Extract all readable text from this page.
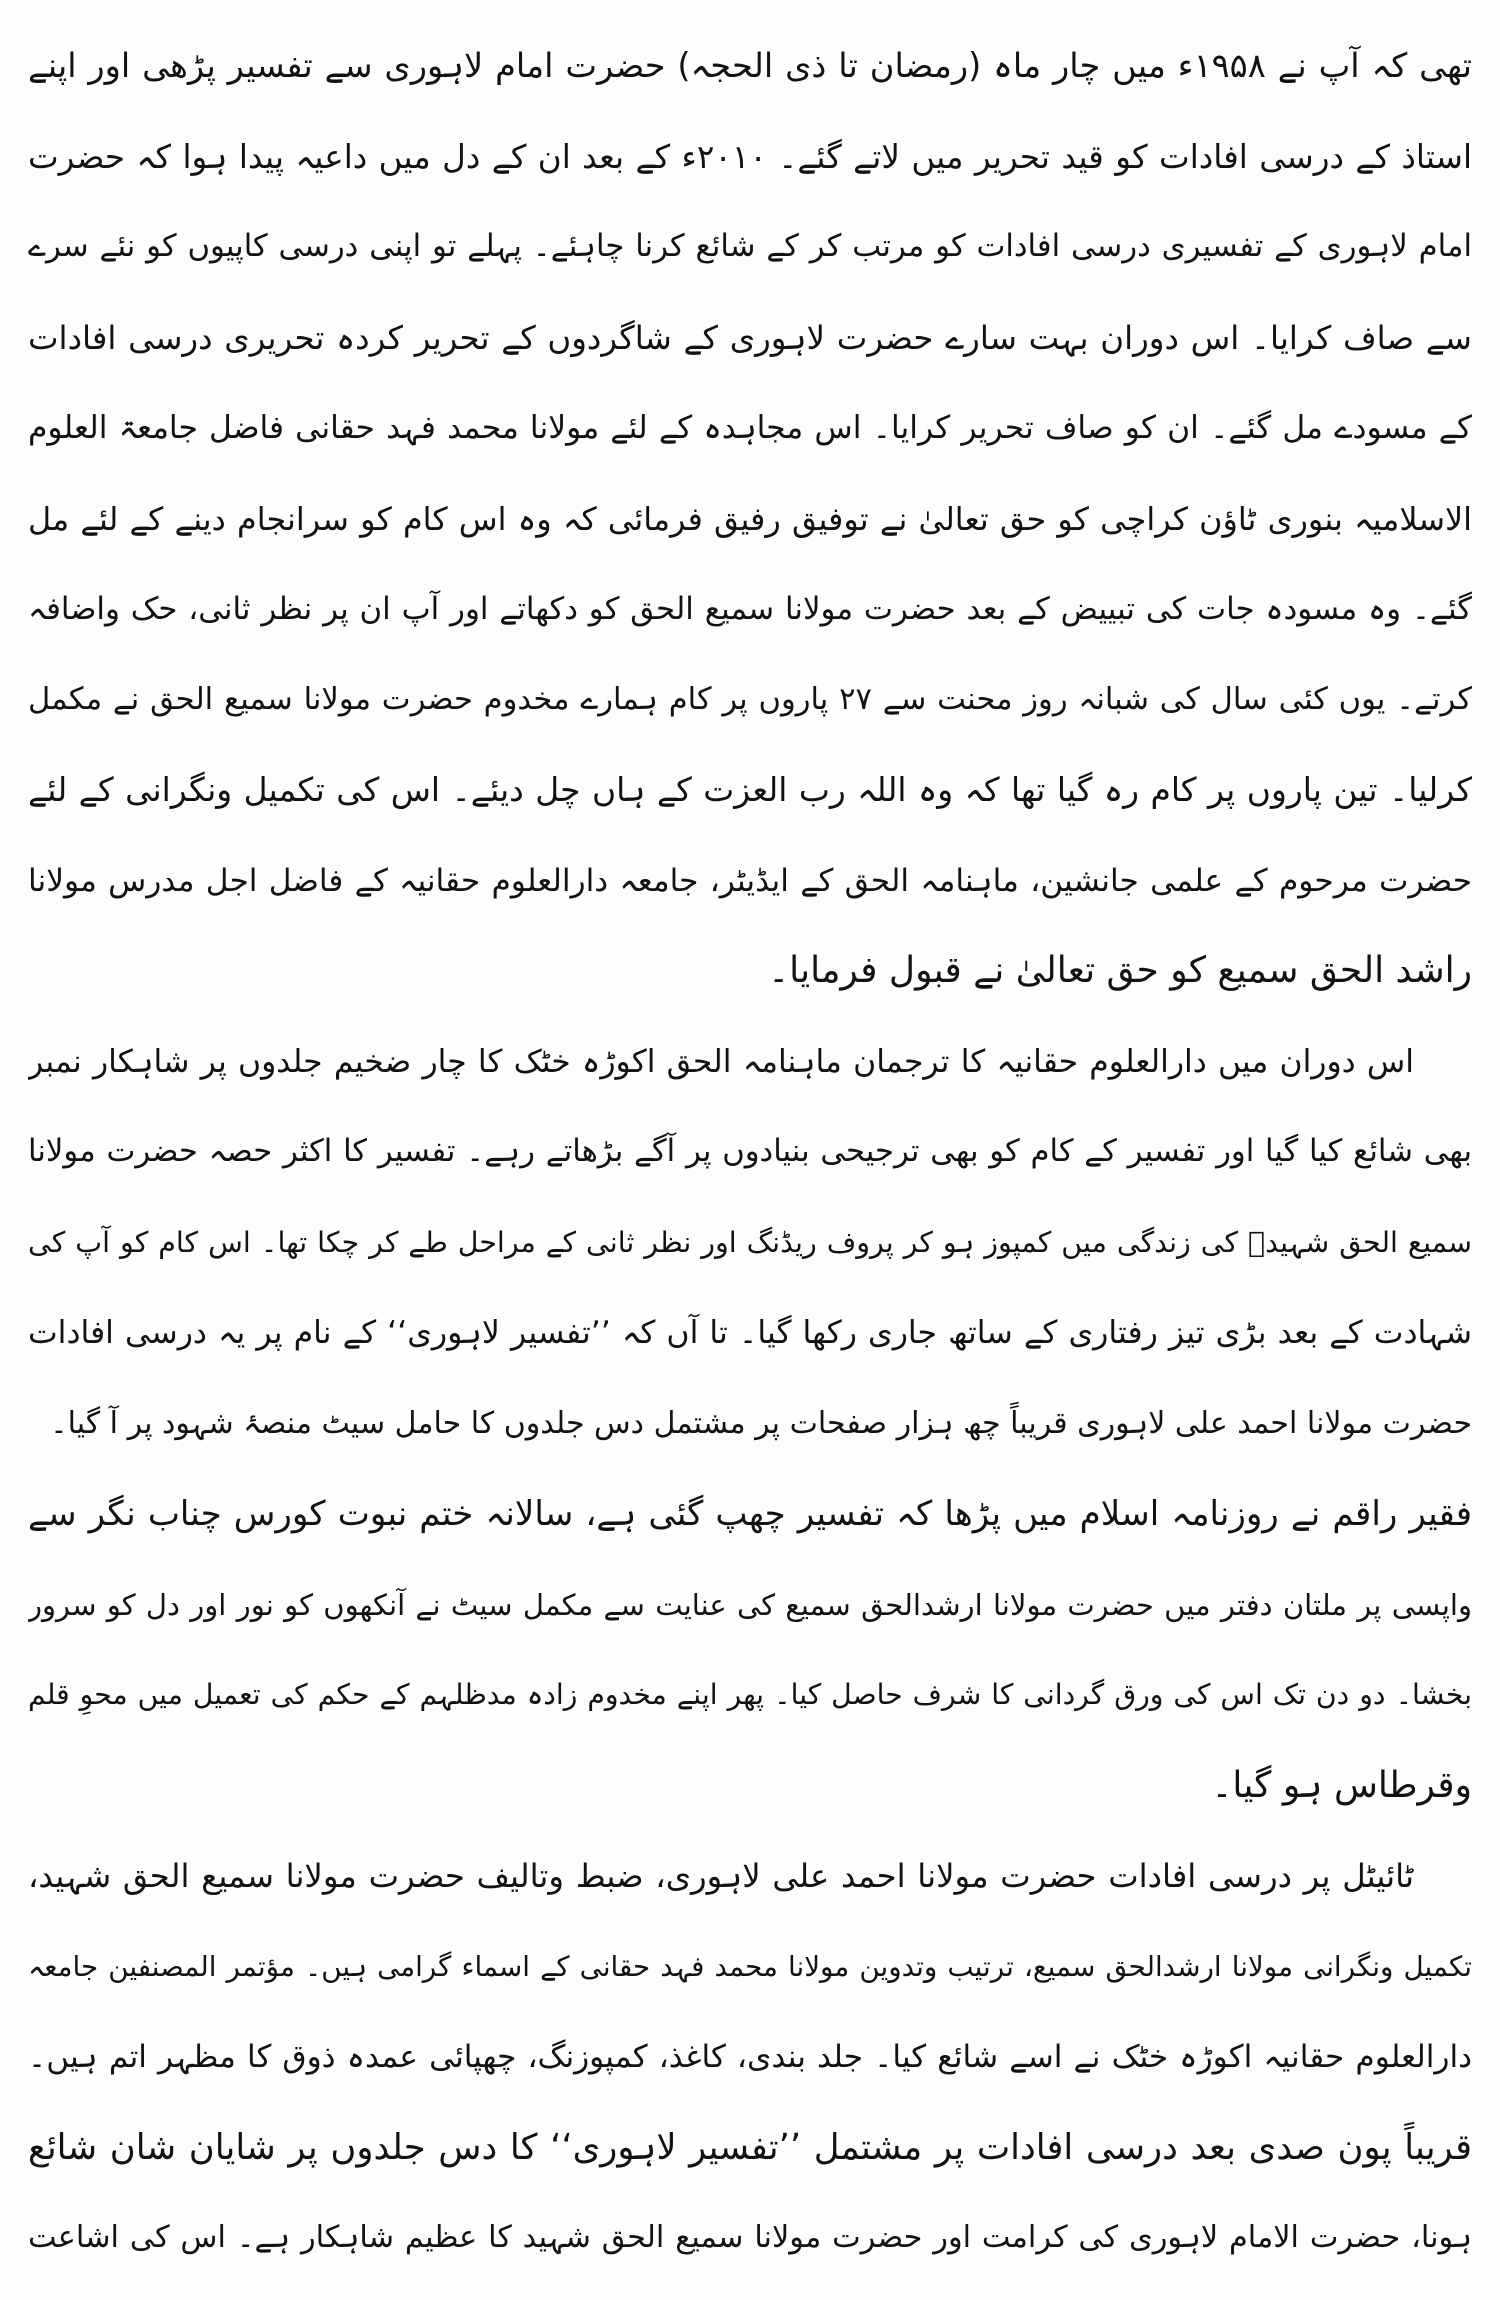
تھی کہ آپ نے ۱۹۵۸ء میں چار ماہ (رمضان تا ذی الحجہ) حضرت امام لاہوری سے تفسیر پڑھی اور اپنے
استاذ کے درسی افادات کو قید تحریر میں لاتے گئے۔ ۲۰۱۰ء کے بعد ان کے دل میں داعیہ پیدا ہوا کہ حضرت
امام لاہوری کے تفسیری درسی افادات کو مرتب کر کے شائع کرنا چاہئے۔ پہلے تو اپنی درسی کاپیوں کو نئے سرے
سے صاف کرایا۔ اس دوران بہت سارے حضرت لاہوری کے شاگردوں کے تحریر کردہ تحریری درسی افادات
کے مسودے مل گئے۔ ان کو صاف تحریر کرایا۔ اس مجاہدہ کے لئے مولانا محمد فہد حقانی فاضل جامعۃ العلوم
الاسلامیہ بنوری ٹاؤن کراچی کو حق تعالیٰ نے توفیق رفیق فرمائی کہ وہ اس کام کو سرانجام دینے کے لئے مل
گئے۔ وہ مسودہ جات کی تبییض کے بعد حضرت مولانا سمیع الحق کو دکھاتے اور آپ ان پر نظر ثانی، حک واضافہ
کرتے۔ یوں کئی سال کی شبانہ روز محنت سے ۲۷ پاروں پر کام ہمارے مخدوم حضرت مولانا سمیع الحق نے مکمل
کرلیا۔ تین پاروں پر کام رہ گیا تھا کہ وہ اللہ رب العزت کے ہاں چل دیئے۔ اس کی تکمیل ونگرانی کے لئے
حضرت مرحوم کے علمی جانشین، ماہنامہ الحق کے ایڈیٹر، جامعہ دارالعلوم حقانیہ کے فاضل اجل مدرس مولانا
راشد الحق سمیع کو حق تعالیٰ نے قبول فرمایا۔
اس دوران میں دارالعلوم حقانیہ کا ترجمان ماہنامہ الحق اکوڑہ خٹک کا چار ضخیم جلدوں پر شاہکار نمبر
بھی شائع کیا گیا اور تفسیر کے کام کو بھی ترجیحی بنیادوں پر آگے بڑھاتے رہے۔ تفسیر کا اکثر حصہ حضرت مولانا
سمیع الحق شہیدؒ کی زندگی میں کمپوز ہو کر پروف ریڈنگ اور نظر ثانی کے مراحل طے کر چکا تھا۔ اس کام کو آپ کی
شہادت کے بعد بڑی تیز رفتاری کے ساتھ جاری رکھا گیا۔ تا آں کہ ’’تفسیر لاہوری‘‘ کے نام پر یہ درسی افادات
حضرت مولانا احمد علی لاہوری قریباً چھ ہزار صفحات پر مشتمل دس جلدوں کا حامل سیٹ منصۂ شہود پر آ گیا۔
فقیر راقم نے روزنامہ اسلام میں پڑھا کہ تفسیر چھپ گئی ہے، سالانہ ختم نبوت کورس چناب نگر سے
واپسی پر ملتان دفتر میں حضرت مولانا ارشدالحق سمیع کی عنایت سے مکمل سیٹ نے آنکھوں کو نور اور دل کو سرور
بخشا۔ دو دن تک اس کی ورق گردانی کا شرف حاصل کیا۔ پھر اپنے مخدوم زادہ مدظلہم کے حکم کی تعمیل میں محوِ قلم
وقرطاس ہو گیا۔
ٹائیٹل پر درسی افادات حضرت مولانا احمد علی لاہوری، ضبط وتالیف حضرت مولانا سمیع الحق شہید،
تکمیل ونگرانی مولانا ارشدالحق سمیع، ترتیب وتدوین مولانا محمد فہد حقانی کے اسماء گرامی ہیں۔ مؤتمر المصنفین جامعہ
دارالعلوم حقانیہ اکوڑہ خٹک نے اسے شائع کیا۔ جلد بندی، کاغذ، کمپوزنگ، چھپائی عمدہ ذوق کا مظہر اتم ہیں۔
قریباً پون صدی بعد درسی افادات پر مشتمل ’’تفسیر لاہوری‘‘ کا دس جلدوں پر شایان شان شائع
ہونا، حضرت الامام لاہوری کی کرامت اور حضرت مولانا سمیع الحق شہید کا عظیم شاہکار ہے۔ اس کی اشاعت
